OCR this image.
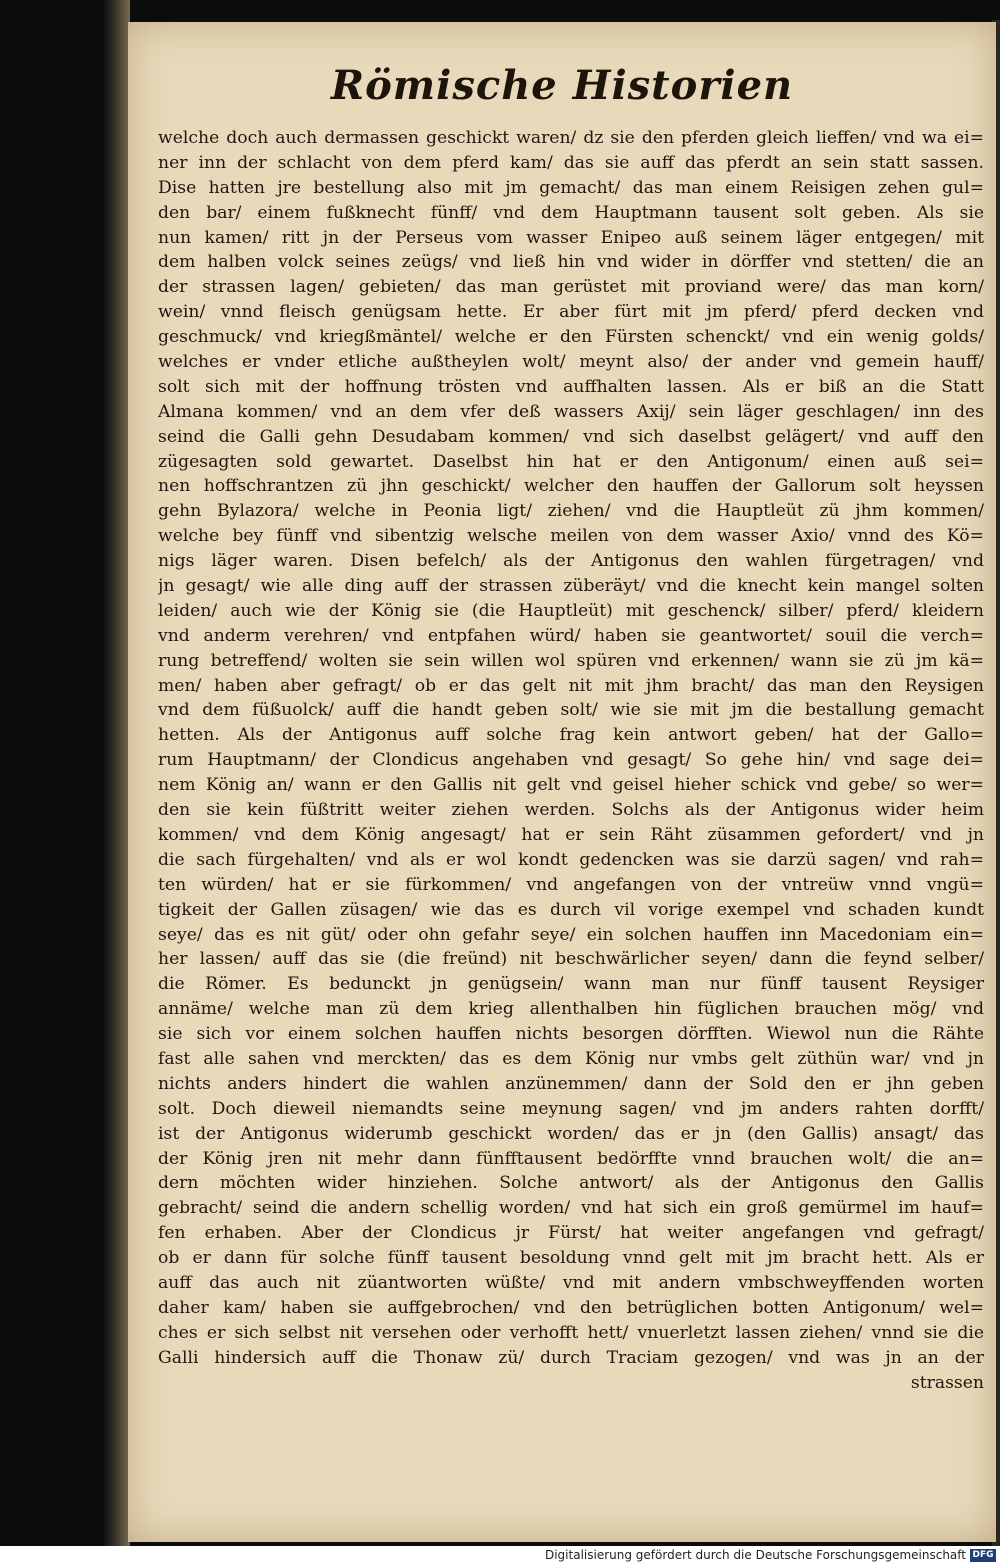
Römische Historien
welche doch auch dermassen geschickt waren/ dz sie den pferden gleich lieffen/ vnd wa ei=
ner inn der schlacht von dem pferd kam/ das sie auff das pferdt an sein statt sassen.
Dise hatten jre bestellung also mit jm gemacht/ das man einem Reisigen zehen gul=
den bar/ einem fußknecht fünff/ vnd dem Hauptmann tausent solt geben. Als sie
nun kamen/ ritt jn der Perseus vom wasser Enipeo auß seinem läger entgegen/ mit
dem halben volck seines zeügs/ vnd ließ hin vnd wider in dörffer vnd stetten/ die an
der strassen lagen/ gebieten/ das man gerüstet mit proviand were/ das man korn/
wein/ vnnd fleisch genügsam hette. Er aber fürt mit jm pferd/ pferd decken vnd
geschmuck/ vnd kriegßmäntel/ welche er den Fürsten schenckt/ vnd ein wenig golds/
welches er vnder etliche außtheylen wolt/ meynt also/ der ander vnd gemein hauff/
solt sich mit der hoffnung trösten vnd auffhalten lassen. Als er biß an die Statt
Almana kommen/ vnd an dem vfer deß wassers Axij/ sein läger geschlagen/ inn des
seind die Galli gehn Desudabam kommen/ vnd sich daselbst gelägert/ vnd auff den
zügesagten sold gewartet. Daselbst hin hat er den Antigonum/ einen auß sei=
nen hoffschrantzen zü jhn geschickt/ welcher den hauffen der Gallorum solt heyssen
gehn Bylazora/ welche in Peonia ligt/ ziehen/ vnd die Hauptleüt zü jhm kommen/
welche bey fünff vnd sibentzig welsche meilen von dem wasser Axio/ vnnd des Kö=
nigs läger waren. Disen befelch/ als der Antigonus den wahlen fürgetragen/ vnd
jn gesagt/ wie alle ding auff der strassen züberäyt/ vnd die knecht kein mangel solten
leiden/ auch wie der König sie (die Hauptleüt) mit geschenck/ silber/ pferd/ kleidern
vnd anderm verehren/ vnd entpfahen würd/ haben sie geantwortet/ souil die verch=
rung betreffend/ wolten sie sein willen wol spüren vnd erkennen/ wann sie zü jm kä=
men/ haben aber gefragt/ ob er das gelt nit mit jhm bracht/ das man den Reysigen
vnd dem füßuolck/ auff die handt geben solt/ wie sie mit jm die bestallung gemacht
hetten. Als der Antigonus auff solche frag kein antwort geben/ hat der Gallo=
rum Hauptmann/ der Clondicus angehaben vnd gesagt/ So gehe hin/ vnd sage dei=
nem König an/ wann er den Gallis nit gelt vnd geisel hieher schick vnd gebe/ so wer=
den sie kein füßtritt weiter ziehen werden. Solchs als der Antigonus wider heim
kommen/ vnd dem König angesagt/ hat er sein Räht züsammen gefordert/ vnd jn
die sach fürgehalten/ vnd als er wol kondt gedencken was sie darzü sagen/ vnd rah=
ten würden/ hat er sie fürkommen/ vnd angefangen von der vntreüw vnnd vngü=
tigkeit der Gallen züsagen/ wie das es durch vil vorige exempel vnd schaden kundt
seye/ das es nit güt/ oder ohn gefahr seye/ ein solchen hauffen inn Macedoniam ein=
her lassen/ auff das sie (die freünd) nit beschwärlicher seyen/ dann die feynd selber/
die Römer. Es bedunckt jn genügsein/ wann man nur fünff tausent Reysiger
annäme/ welche man zü dem krieg allenthalben hin füglichen brauchen mög/ vnd
sie sich vor einem solchen hauffen nichts besorgen dörfften. Wiewol nun die Rähte
fast alle sahen vnd merckten/ das es dem König nur vmbs gelt züthün war/ vnd jn
nichts anders hindert die wahlen anzünemmen/ dann der Sold den er jhn geben
solt. Doch dieweil niemandts seine meynung sagen/ vnd jm anders rahten dorfft/
ist der Antigonus widerumb geschickt worden/ das er jn (den Gallis) ansagt/ das
der König jren nit mehr dann fünfftausent bedörffte vnnd brauchen wolt/ die an=
dern möchten wider hinziehen. Solche antwort/ als der Antigonus den Gallis
gebracht/ seind die andern schellig worden/ vnd hat sich ein groß gemürmel im hauf=
fen erhaben. Aber der Clondicus jr Fürst/ hat weiter angefangen vnd gefragt/
ob er dann für solche fünff tausent besoldung vnnd gelt mit jm bracht hett. Als er
auff das auch nit züantworten wüßte/ vnd mit andern vmbschweyffenden worten
daher kam/ haben sie auffgebrochen/ vnd den betrüglichen botten Antigonum/ wel=
ches er sich selbst nit versehen oder verhofft hett/ vnuerletzt lassen ziehen/ vnnd sie die
Galli hindersich auff die Thonaw zü/ durch Traciam gezogen/ vnd was jn an der
strassen
Digitalisierung gefördert durch die Deutsche Forschungsgemeinschaft DFG
